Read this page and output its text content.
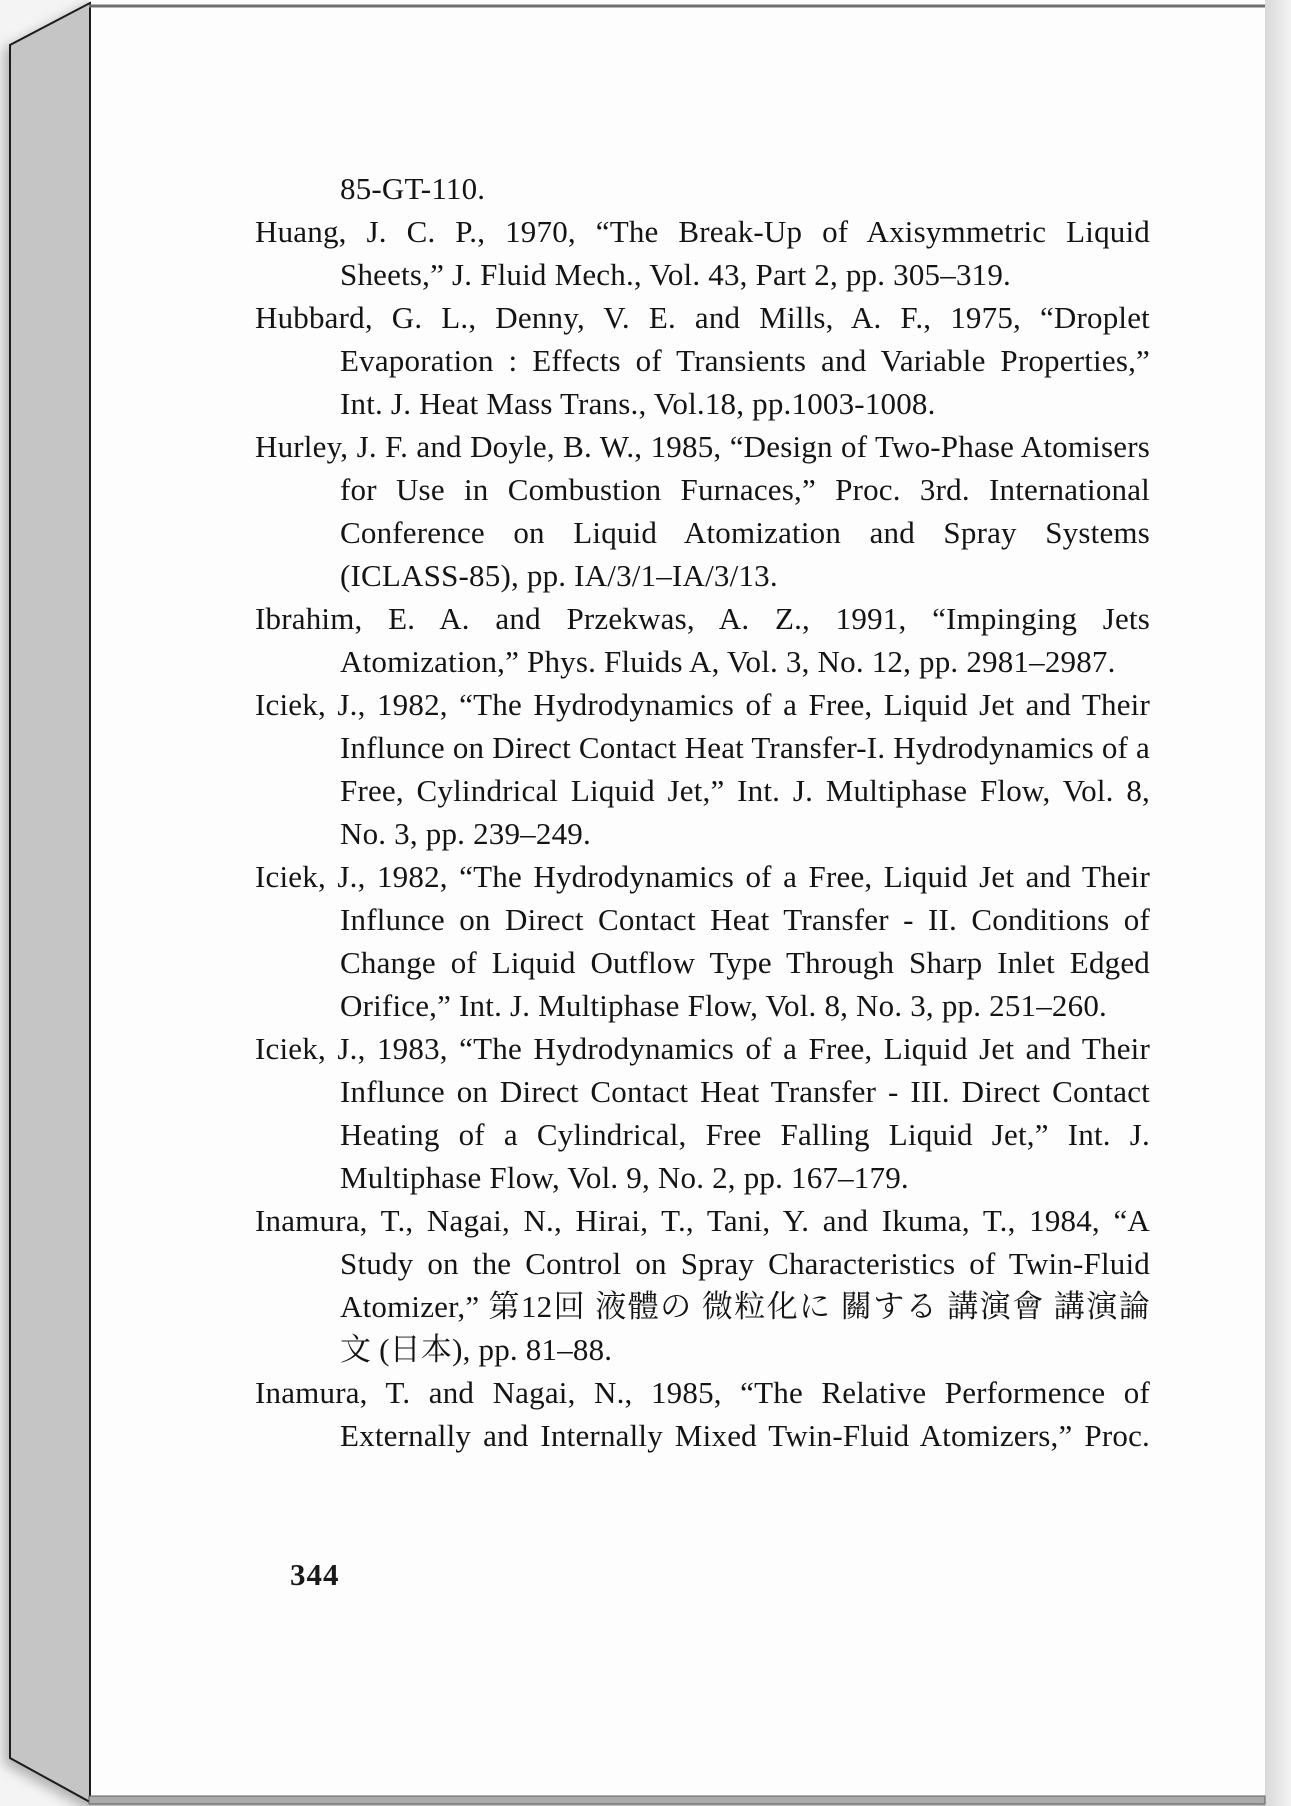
85-GT-110.
Huang, J. C. P., 1970, “The Break-Up of Axisymmetric Liquid Sheets,” J. Fluid Mech., Vol. 43, Part 2, pp. 305–319.
Hubbard, G. L., Denny, V. E. and Mills, A. F., 1975, “Droplet Evaporation : Effects of Transients and Variable Properties,” Int. J. Heat Mass Trans., Vol.18, pp.1003-1008.
Hurley, J. F. and Doyle, B. W., 1985, “Design of Two-Phase Atomisers for Use in Combustion Furnaces,” Proc. 3rd. International Conference on Liquid Atomization and Spray Systems (ICLASS-85), pp. IA/3/1–IA/3/13.
Ibrahim, E. A. and Przekwas, A. Z., 1991, “Impinging Jets Atomization,” Phys. Fluids A, Vol. 3, No. 12, pp. 2981–2987.
Iciek, J., 1982, “The Hydrodynamics of a Free, Liquid Jet and Their Influnce on Direct Contact Heat Transfer-I. Hydrodynamics of a Free, Cylindrical Liquid Jet,” Int. J. Multiphase Flow, Vol. 8, No. 3, pp. 239–249.
Iciek, J., 1982, “The Hydrodynamics of a Free, Liquid Jet and Their Influnce on Direct Contact Heat Transfer - II. Conditions of Change of Liquid Outflow Type Through Sharp Inlet Edged Orifice,” Int. J. Multiphase Flow, Vol. 8, No. 3, pp. 251–260.
Iciek, J., 1983, “The Hydrodynamics of a Free, Liquid Jet and Their Influnce on Direct Contact Heat Transfer - III. Direct Contact Heating of a Cylindrical, Free Falling Liquid Jet,” Int. J. Multiphase Flow, Vol. 9, No. 2, pp. 167–179.
Inamura, T., Nagai, N., Hirai, T., Tani, Y. and Ikuma, T., 1984, “A Study on the Control on Spray Characteristics of Twin-Fluid Atomizer,” 第12回 液體の 微粒化に 關する 講演會 講演論文 (日本), pp. 81–88.
Inamura, T. and Nagai, N., 1985, “The Relative Performence of Externally and Internally Mixed Twin-Fluid Atomizers,” Proc.
344
